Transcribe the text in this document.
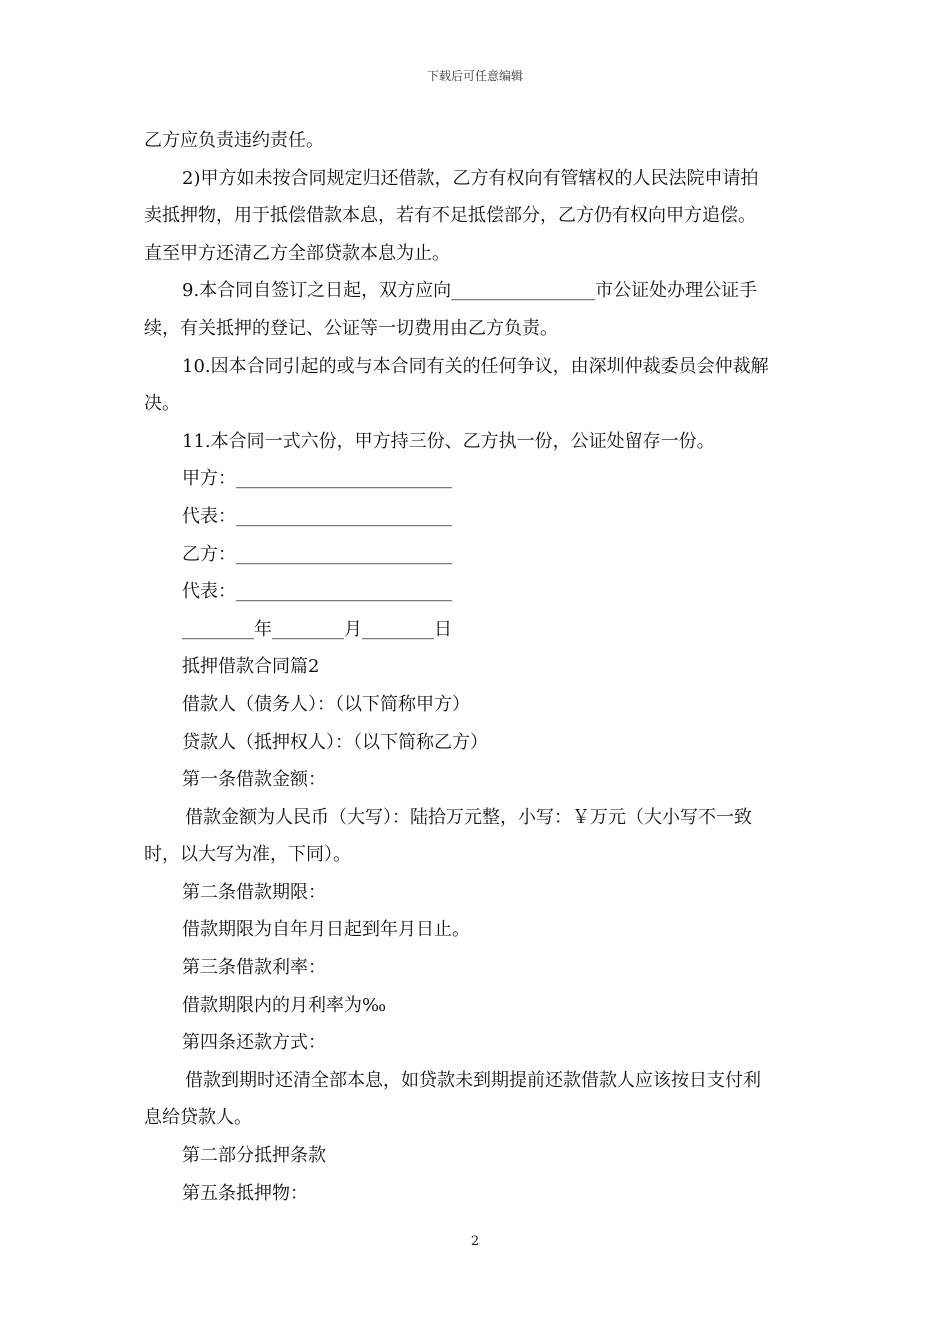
下载后可任意编辑

乙方应负责违约责任。

2)甲方如未按合同规定归还借款，乙方有权向有管辖权的人民法院申请拍

卖抵押物，用于抵偿借款本息，若有不足抵偿部分，乙方仍有权向甲方追偿。

直至甲方还清乙方全部贷款本息为止。

9.本合同自签订之日起，双方应向________________市公证处办理公证手

续，有关抵押的登记、公证等一切费用由乙方负责。

10.因本合同引起的或与本合同有关的任何争议，由深圳仲裁委员会仲裁解

决。

11.本合同一式六份，甲方持三份、乙方执一份，公证处留存一份。

甲方：________________________

代表：________________________

乙方：________________________

代表：________________________

________年________月________日

抵押借款合同篇2

借款人（债务人）：（以下简称甲方）

贷款人（抵押权人）：（以下简称乙方）

第一条借款金额：

借款金额为人民币（大写）：陆拾万元整，小写：￥万元（大小写不一致

时，以大写为准，下同）。

第二条借款期限：

借款期限为自年月日起到年月日止。

第三条借款利率：

借款期限内的月利率为‰

第四条还款方式：

借款到期时还清全部本息，如贷款未到期提前还款借款人应该按日支付利

息给贷款人。

第二部分抵押条款

第五条抵押物：

2
